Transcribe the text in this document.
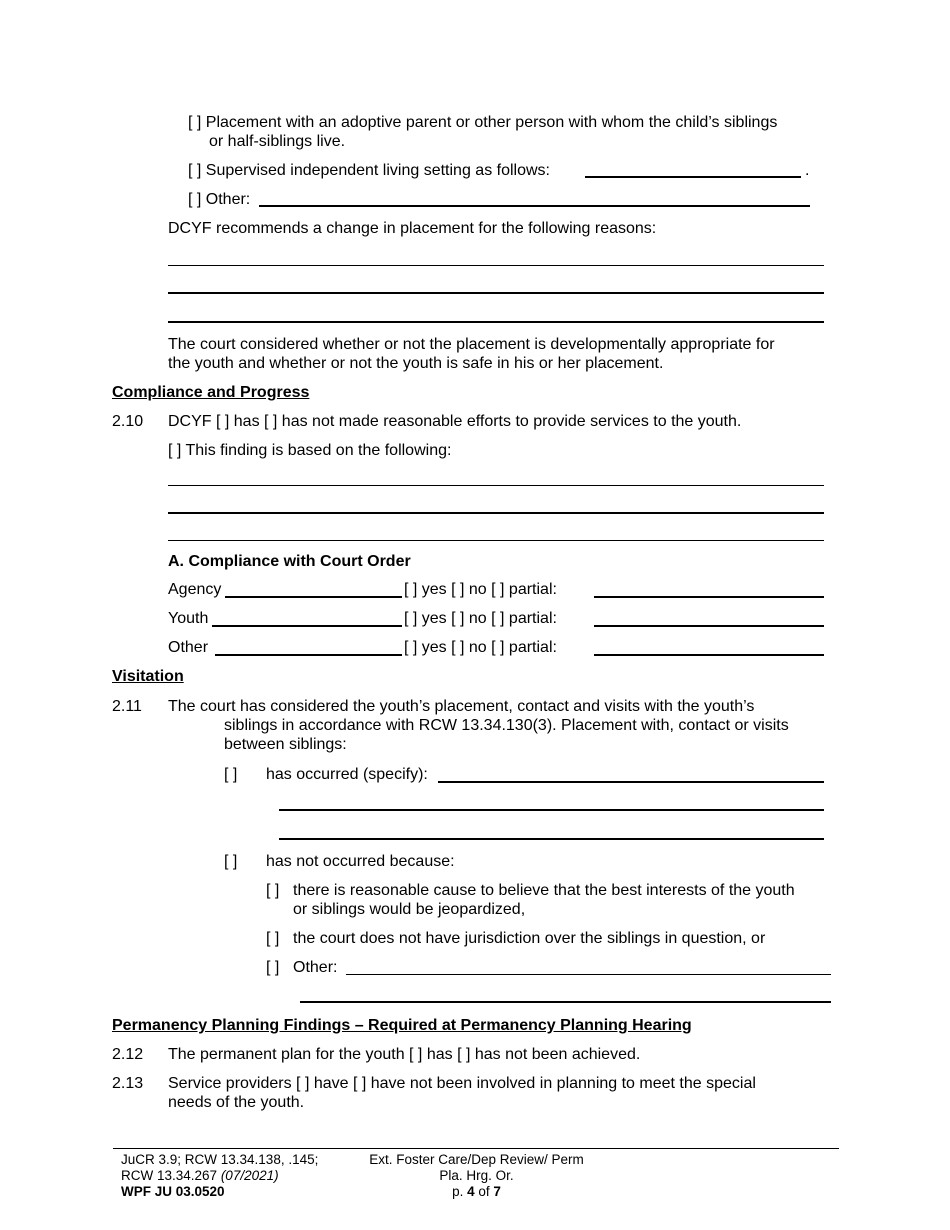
[ ] Placement with an adoptive parent or other person with whom the child’s siblings
or half-siblings live.
[ ] Supervised independent living setting as follows:	.
[ ] Other:
DCYF recommends a change in placement for the following reasons:
The court considered whether or not the placement is developmentally appropriate for
the youth and whether or not the youth is safe in his or her placement.
Compliance and Progress
2.10 DCYF [ ] has [ ] has not made reasonable efforts to provide services to the youth.
[ ] This finding is based on the following:
A. Compliance with Court Order
Agency	[ ] yes [ ] no [ ] partial:
Youth	[ ] yes [ ] no [ ] partial:
Other	[ ] yes [ ] no [ ] partial:
Visitation
2.11 The court has considered the youth’s placement, contact and visits with the youth’s
siblings in accordance with RCW 13.34.130(3). Placement with, contact or visits
between siblings:
[ ] has occurred (specify):
[ ] has not occurred because:
[ ] there is reasonable cause to believe that the best interests of the youth
or siblings would be jeopardized,
[ ] the court does not have jurisdiction over the siblings in question, or
[ ] Other:
Permanency Planning Findings – Required at Permanency Planning Hearing
2.12 The permanent plan for the youth [ ] has [ ] has not been achieved.
2.13 Service providers [ ] have [ ] have not been involved in planning to meet the special
needs of the youth.
JuCR 3.9; RCW 13.34.138, .145;
RCW 13.34.267 (07/2021)
WPF JU 03.0520
Ext. Foster Care/Dep Review/ Perm
Pla. Hrg. Or.
p. 4 of 7
